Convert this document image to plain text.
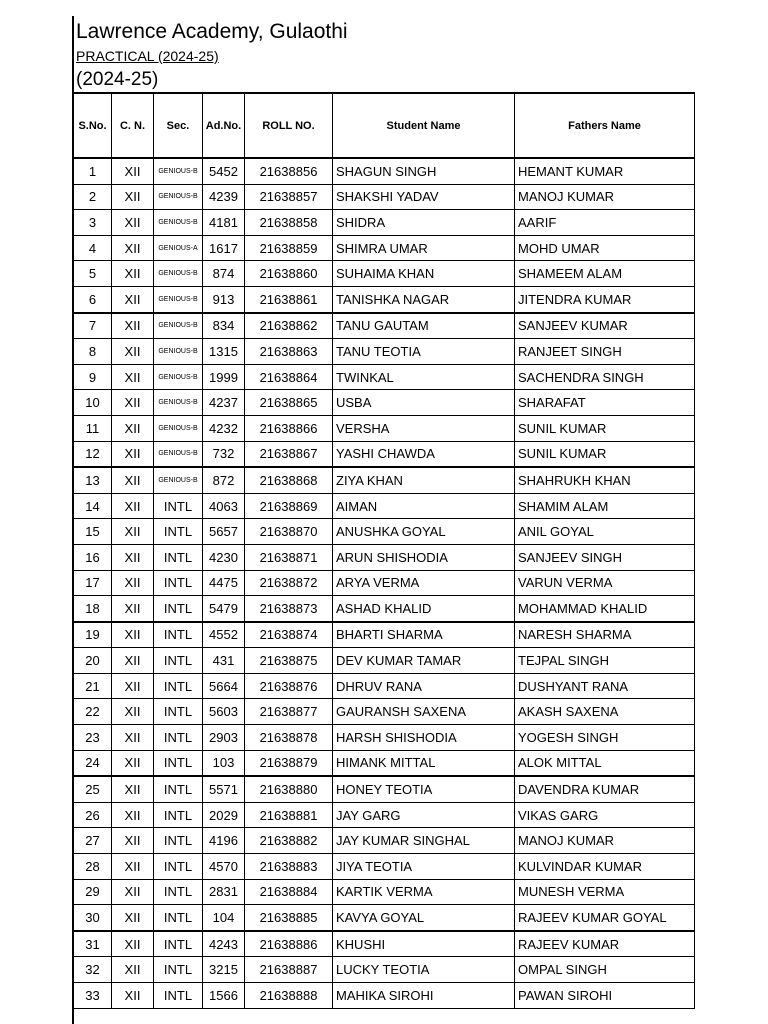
Lawrence Academy, Gulaothi
PRACTICAL (2024-25)
(2024-25)
S.No.	C. N.	Sec.	Ad.No.	ROLL NO.	Student Name	Fathers Name
1	XII	GENIOUS-B	5452	21638856	SHAGUN SINGH	HEMANT KUMAR
2	XII	GENIOUS-B	4239	21638857	SHAKSHI YADAV	MANOJ KUMAR
3	XII	GENIOUS-B	4181	21638858	SHIDRA	AARIF
4	XII	GENIOUS-A	1617	21638859	SHIMRA UMAR	MOHD UMAR
5	XII	GENIOUS-B	874	21638860	SUHAIMA KHAN	SHAMEEM ALAM
6	XII	GENIOUS-B	913	21638861	TANISHKA NAGAR	JITENDRA KUMAR
7	XII	GENIOUS-B	834	21638862	TANU GAUTAM	SANJEEV KUMAR
8	XII	GENIOUS-B	1315	21638863	TANU TEOTIA	RANJEET SINGH
9	XII	GENIOUS-B	1999	21638864	TWINKAL	SACHENDRA SINGH
10	XII	GENIOUS-B	4237	21638865	USBA	SHARAFAT
11	XII	GENIOUS-B	4232	21638866	VERSHA	SUNIL KUMAR
12	XII	GENIOUS-B	732	21638867	YASHI CHAWDA	SUNIL KUMAR
13	XII	GENIOUS-B	872	21638868	ZIYA KHAN	SHAHRUKH KHAN
14	XII	INTL	4063	21638869	AIMAN	SHAMIM ALAM
15	XII	INTL	5657	21638870	ANUSHKA GOYAL	ANIL GOYAL
16	XII	INTL	4230	21638871	ARUN SHISHODIA	SANJEEV SINGH
17	XII	INTL	4475	21638872	ARYA VERMA	VARUN VERMA
18	XII	INTL	5479	21638873	ASHAD KHALID	MOHAMMAD KHALID
19	XII	INTL	4552	21638874	BHARTI SHARMA	NARESH SHARMA
20	XII	INTL	431	21638875	DEV KUMAR TAMAR	TEJPAL SINGH
21	XII	INTL	5664	21638876	DHRUV RANA	DUSHYANT RANA
22	XII	INTL	5603	21638877	GAURANSH SAXENA	AKASH SAXENA
23	XII	INTL	2903	21638878	HARSH SHISHODIA	YOGESH SINGH
24	XII	INTL	103	21638879	HIMANK MITTAL	ALOK MITTAL
25	XII	INTL	5571	21638880	HONEY TEOTIA	DAVENDRA KUMAR
26	XII	INTL	2029	21638881	JAY GARG	VIKAS GARG
27	XII	INTL	4196	21638882	JAY KUMAR SINGHAL	MANOJ KUMAR
28	XII	INTL	4570	21638883	JIYA TEOTIA	KULVINDAR KUMAR
29	XII	INTL	2831	21638884	KARTIK VERMA	MUNESH VERMA
30	XII	INTL	104	21638885	KAVYA GOYAL	RAJEEV KUMAR GOYAL
31	XII	INTL	4243	21638886	KHUSHI	RAJEEV KUMAR
32	XII	INTL	3215	21638887	LUCKY TEOTIA	OMPAL SINGH
33	XII	INTL	1566	21638888	MAHIKA SIROHI	PAWAN SIROHI
